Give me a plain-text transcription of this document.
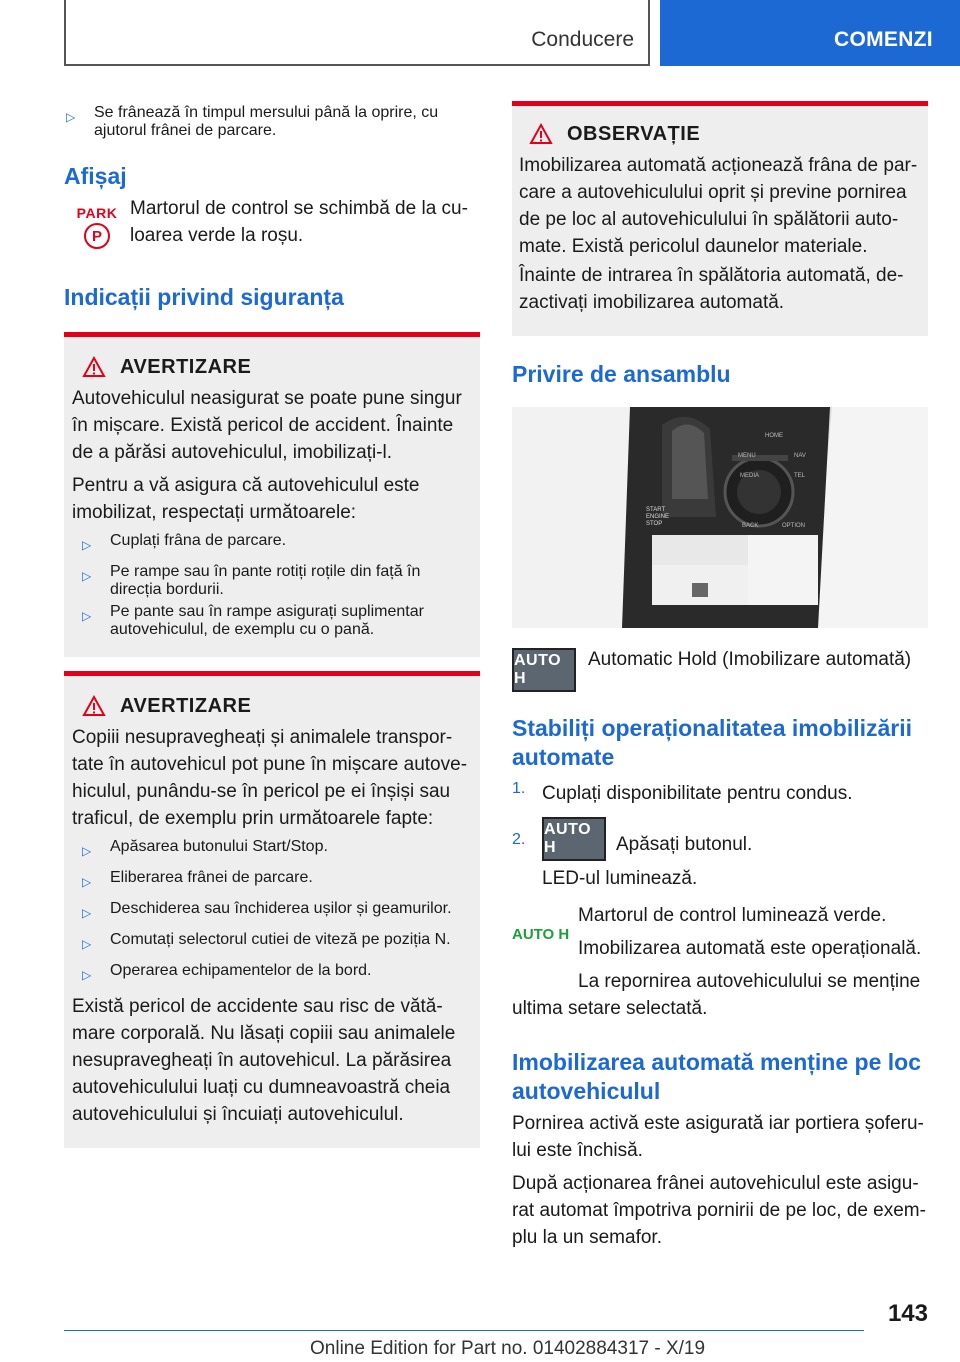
Conducere	COMENZI
▷	Se frânează în timpul mersului până la oprire, cu ajutorul frânei de parcare.
Afișaj
PARK
P

Martorul de control se schimbă de la culoarea verde la roșu.

Indicații privind siguranța
AVERTIZARE

Autovehiculul neasigurat se poate pune singur în mișcare. Există pericol de accident. Înainte de a părăsi autovehiculul, imobilizați-l.

Pentru a vă asigura că autovehiculul este imobilizat, respectați următoarele:

▷	Cuplați frâna de parcare.
▷	Pe rampe sau în pante rotiți roțile din față în direcția bordurii.
▷	Pe pante sau în rampe asigurați suplimentar autovehiculul, de exemplu cu o pană.
AVERTIZARE

Copiii nesupravegheați și animalele transportate în autovehicul pot pune în mișcare autovehiculul, punându-se în pericol pe ei înșiși sau traficul, de exemplu prin următoarele fapte:

▷	Apăsarea butonului Start/Stop.
▷	Eliberarea frânei de parcare.
▷	Deschiderea sau închiderea ușilor și geamurilor.
▷	Comutați selectorul cutiei de viteză pe poziția N.
▷	Operarea echipamentelor de la bord.

Există pericol de accidente sau risc de vătămare corporală. Nu lăsați copiii sau animalele nesupravegheați în autovehicul. La părăsirea autovehiculului luați cu dumneavoastră cheia autovehiculului și încuiați autovehiculul.

OBSERVAȚIE

Imobilizarea automată acționează frâna de parcare a autovehiculului oprit și previne pornirea de pe loc al autovehiculului în spălătorii automate. Există pericolul daunelor materiale.

Înainte de intrarea în spălătoria automată, dezactivați imobilizarea automată.

Privire de ansamblu
START ENGINE STOP
MENU
HOME
MEDIA	TEL
NAV
BACK	OPTION
AUTO H

Automatic Hold (Imobilizare automată)

Stabiliți operaționalitatea imobilizării automate
1. Cuplați disponibilitate pentru condus.
2.
AUTO H	Apăsați butonul.

LED-ul luminează.

AUTO H

Martorul de control luminează verde.

Imobilizarea automată este operațională.

La repornirea autovehiculului se menține

ultima setare selectată.

Imobilizarea automată menține pe loc autovehiculul

Pornirea activă este asigurată iar portiera șoferului este închisă.

După acționarea frânei autovehiculul este asigurat automat împotriva pornirii de pe loc, de exemplu la un semafor.

143
Online Edition for Part no. 01402884317 - X/19
